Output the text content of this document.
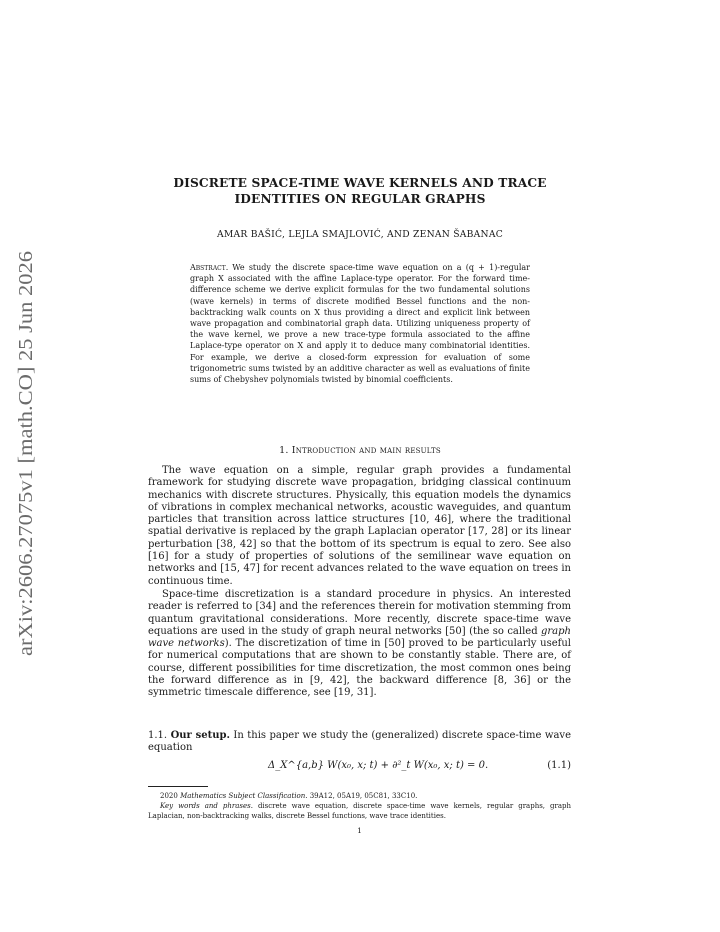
arXiv:2606.27075v1 [math.CO] 25 Jun 2026
DISCRETE SPACE-TIME WAVE KERNELS AND TRACE
IDENTITIES ON REGULAR GRAPHS
AMAR BAŠIĆ, LEJLA SMAJLOVIĆ, AND ZENAN ŠABANAC
Abstract. We study the discrete space-time wave equation on a (q + 1)-regular graph X associated with the affine Laplace-type operator. For the forward time-difference scheme we derive explicit formulas for the two fundamental solutions (wave kernels) in terms of discrete modified Bessel functions and the non-backtracking walk counts on X thus providing a direct and explicit link between wave propagation and combinatorial graph data. Utilizing uniqueness property of the wave kernel, we prove a new trace-type formula associated to the affine Laplace-type operator on X and apply it to deduce many combinatorial identities. For example, we derive a closed-form expression for evaluation of some trigonometric sums twisted by an additive character as well as evaluations of finite sums of Chebyshev polynomials twisted by binomial coefficients.
1. Introduction and main results

The wave equation on a simple, regular graph provides a fundamental framework for studying discrete wave propagation, bridging classical continuum mechanics with discrete structures. Physically, this equation models the dynamics of vibrations in complex mechanical networks, acoustic waveguides, and quantum particles that transition across lattice structures [10, 46], where the traditional spatial derivative is replaced by the graph Laplacian operator [17, 28] or its linear perturbation [38, 42] so that the bottom of its spectrum is equal to zero. See also [16] for a study of properties of solutions of the semilinear wave equation on networks and [15, 47] for recent advances related to the wave equation on trees in continuous time.

Space-time discretization is a standard procedure in physics. An interested reader is referred to [34] and the references therein for motivation stemming from quantum gravitational considerations. More recently, discrete space-time wave equations are used in the study of graph neural networks [50] (the so called graph wave networks). The discretization of time in [50] proved to be particularly useful for numerical computations that are shown to be constantly stable. There are, of course, different possibilities for time discretization, the most common ones being the forward difference as in [9, 42], the backward difference [8, 36] or the symmetric timescale difference, see [19, 31].

1.1. Our setup. In this paper we study the (generalized) discrete space-time wave equation

Δ_X^{a,b} W(x₀, x; t) + ∂²_t W(x₀, x; t) = 0.	(1.1)

2020 Mathematics Subject Classification. 39A12, 05A19, 05C81, 33C10.

Key words and phrases. discrete wave equation, discrete space-time wave kernels, regular graphs, graph Laplacian, non-backtracking walks, discrete Bessel functions, wave trace identities.

1
